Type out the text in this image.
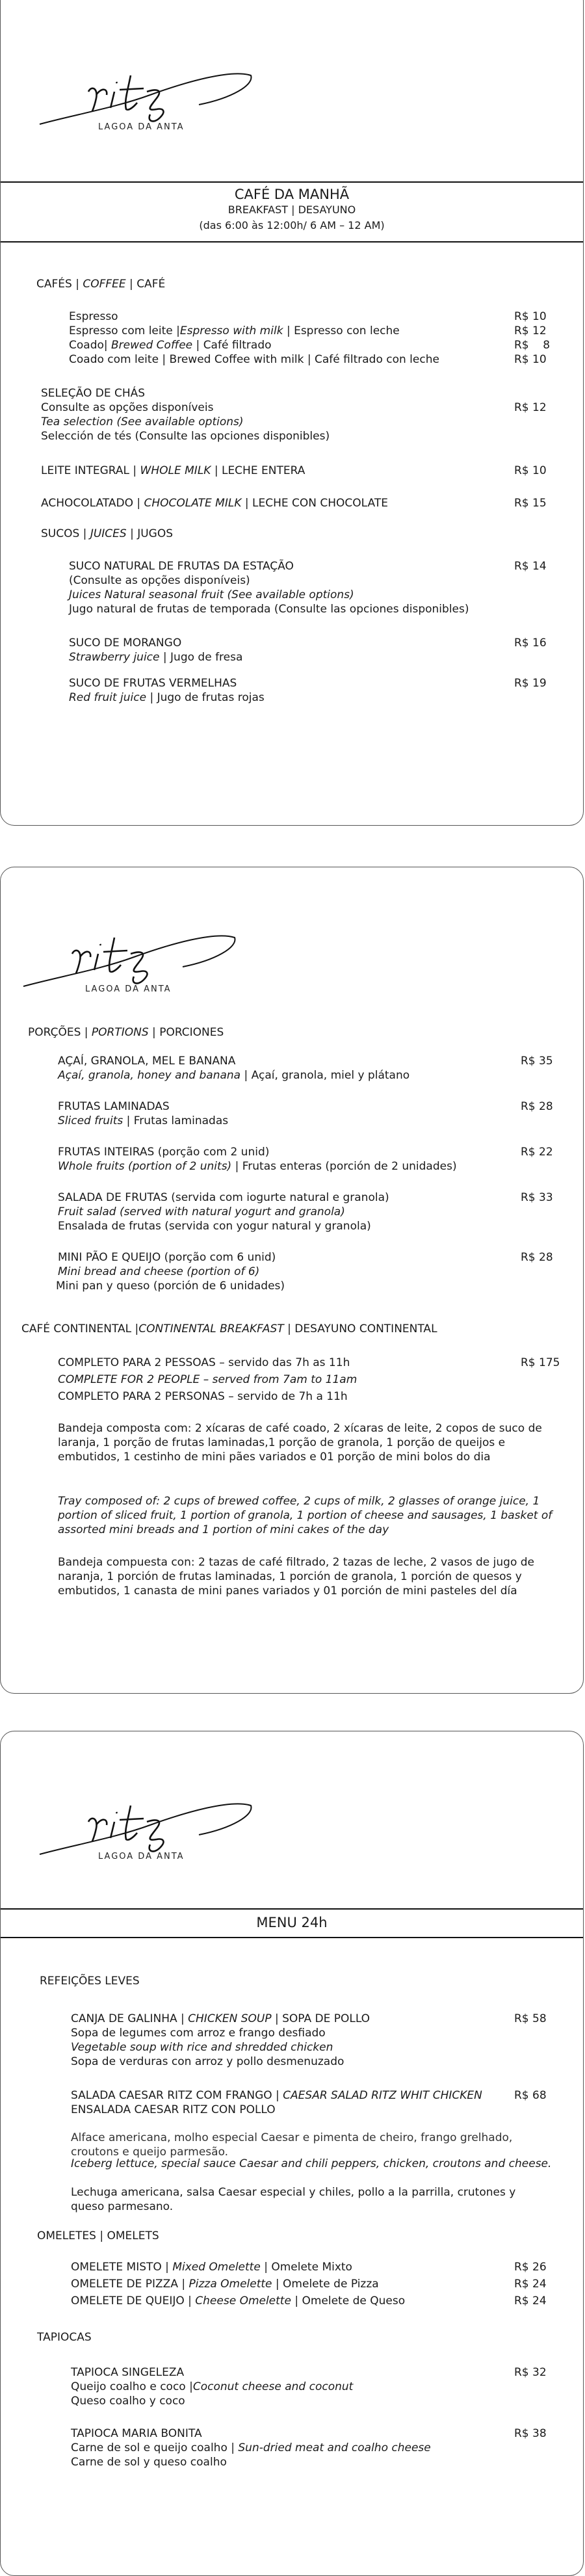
LAGOA DA ANTA
CAFÉ DA MANHÃ
BREAKFAST | DESAYUNO
(das 6:00 às 12:00h/ 6 AM – 12 AM)
CAFÉS | COFFEE | CAFÉ
Espresso	R$ 10
Espresso com leite |Espresso with milk | Espresso con leche	R$ 12
Coado| Brewed Coffee | Café filtrado	R$    8
Coado com leite | Brewed Coffee with milk | Café filtrado con leche	R$ 10
SELEÇÃO DE CHÁS
Consulte as opções disponíveis	R$ 12
Tea selection (See available options)
Selección de tés (Consulte las opciones disponibles)
LEITE INTEGRAL | WHOLE MILK | LECHE ENTERA	R$ 10
ACHOCOLATADO | CHOCOLATE MILK | LECHE CON CHOCOLATE	R$ 15
SUCOS | JUICES | JUGOS
SUCO NATURAL DE FRUTAS DA ESTAÇÃO	R$ 14
(Consulte as opções disponíveis)
Juices Natural seasonal fruit (See available options)
Jugo natural de frutas de temporada (Consulte las opciones disponibles)
SUCO DE MORANGO	R$ 16
Strawberry juice | Jugo de fresa
SUCO DE FRUTAS VERMELHAS	R$ 19
Red fruit juice | Jugo de frutas rojas
LAGOA DA ANTA
PORÇÕES | PORTIONS | PORCIONES
AÇAÍ, GRANOLA, MEL E BANANA	R$ 35
Açaí, granola, honey and banana | Açaí, granola, miel y plátano
FRUTAS LAMINADAS	R$ 28
Sliced fruits | Frutas laminadas
FRUTAS INTEIRAS (porção com 2 unid)	R$ 22
Whole fruits (portion of 2 units) | Frutas enteras (porción de 2 unidades)
SALADA DE FRUTAS (servida com iogurte natural e granola)	R$ 33
Fruit salad (served with natural yogurt and granola)
Ensalada de frutas (servida con yogur natural y granola)
MINI PÃO E QUEIJO (porção com 6 unid)	R$ 28
Mini bread and cheese (portion of 6)
Mini pan y queso (porción de 6 unidades)
CAFÉ CONTINENTAL |CONTINENTAL BREAKFAST | DESAYUNO CONTINENTAL
COMPLETO PARA 2 PESSOAS – servido das 7h as 11h	R$ 175
COMPLETE FOR 2 PEOPLE – served from 7am to 11am
COMPLETO PARA 2 PERSONAS – servido de 7h a 11h
Bandeja composta com: 2 xícaras de café coado, 2 xícaras de leite, 2 copos de suco de laranja, 1 porção de frutas laminadas,1 porção de granola, 1 porção de queijos e embutidos, 1 cestinho de mini pães variados e 01 porção de mini bolos do dia
Tray composed of: 2 cups of brewed coffee, 2 cups of milk, 2 glasses of orange juice, 1 portion of sliced fruit, 1 portion of granola, 1 portion of cheese and sausages, 1 basket of assorted mini breads and 1 portion of mini cakes of the day
Bandeja compuesta con: 2 tazas de café filtrado, 2 tazas de leche, 2 vasos de jugo de naranja, 1 porción de frutas laminadas, 1 porción de granola, 1 porción de quesos y embutidos, 1 canasta de mini panes variados y 01 porción de mini pasteles del día
LAGOA DA ANTA
MENU 24h
REFEIÇÕES LEVES
CANJA DE GALINHA | CHICKEN SOUP | SOPA DE POLLO	R$ 58
Sopa de legumes com arroz e frango desfiado
Vegetable soup with rice and shredded chicken
Sopa de verduras con arroz y pollo desmenuzado
SALADA CAESAR RITZ COM FRANGO | CAESAR SALAD RITZ WHIT CHICKEN	R$ 68
ENSALADA CAESAR RITZ CON POLLO
Alface americana, molho especial Caesar e pimenta de cheiro, frango grelhado, croutons e queijo parmesão.
Iceberg lettuce, special sauce Caesar and chili peppers, chicken, croutons and cheese.
Lechuga americana, salsa Caesar especial y chiles, pollo a la parrilla, crutones y queso parmesano.
OMELETES | OMELETS
OMELETE MISTO | Mixed Omelette | Omelete Mixto	R$ 26
OMELETE DE PIZZA | Pizza Omelette | Omelete de Pizza	R$ 24
OMELETE DE QUEIJO | Cheese Omelette | Omelete de Queso	R$ 24
TAPIOCAS
TAPIOCA SINGELEZA	R$ 32
Queijo coalho e coco |Coconut cheese and coconut
Queso coalho y coco
TAPIOCA MARIA BONITA	R$ 38
Carne de sol e queijo coalho | Sun-dried meat and coalho cheese
Carne de sol y queso coalho
